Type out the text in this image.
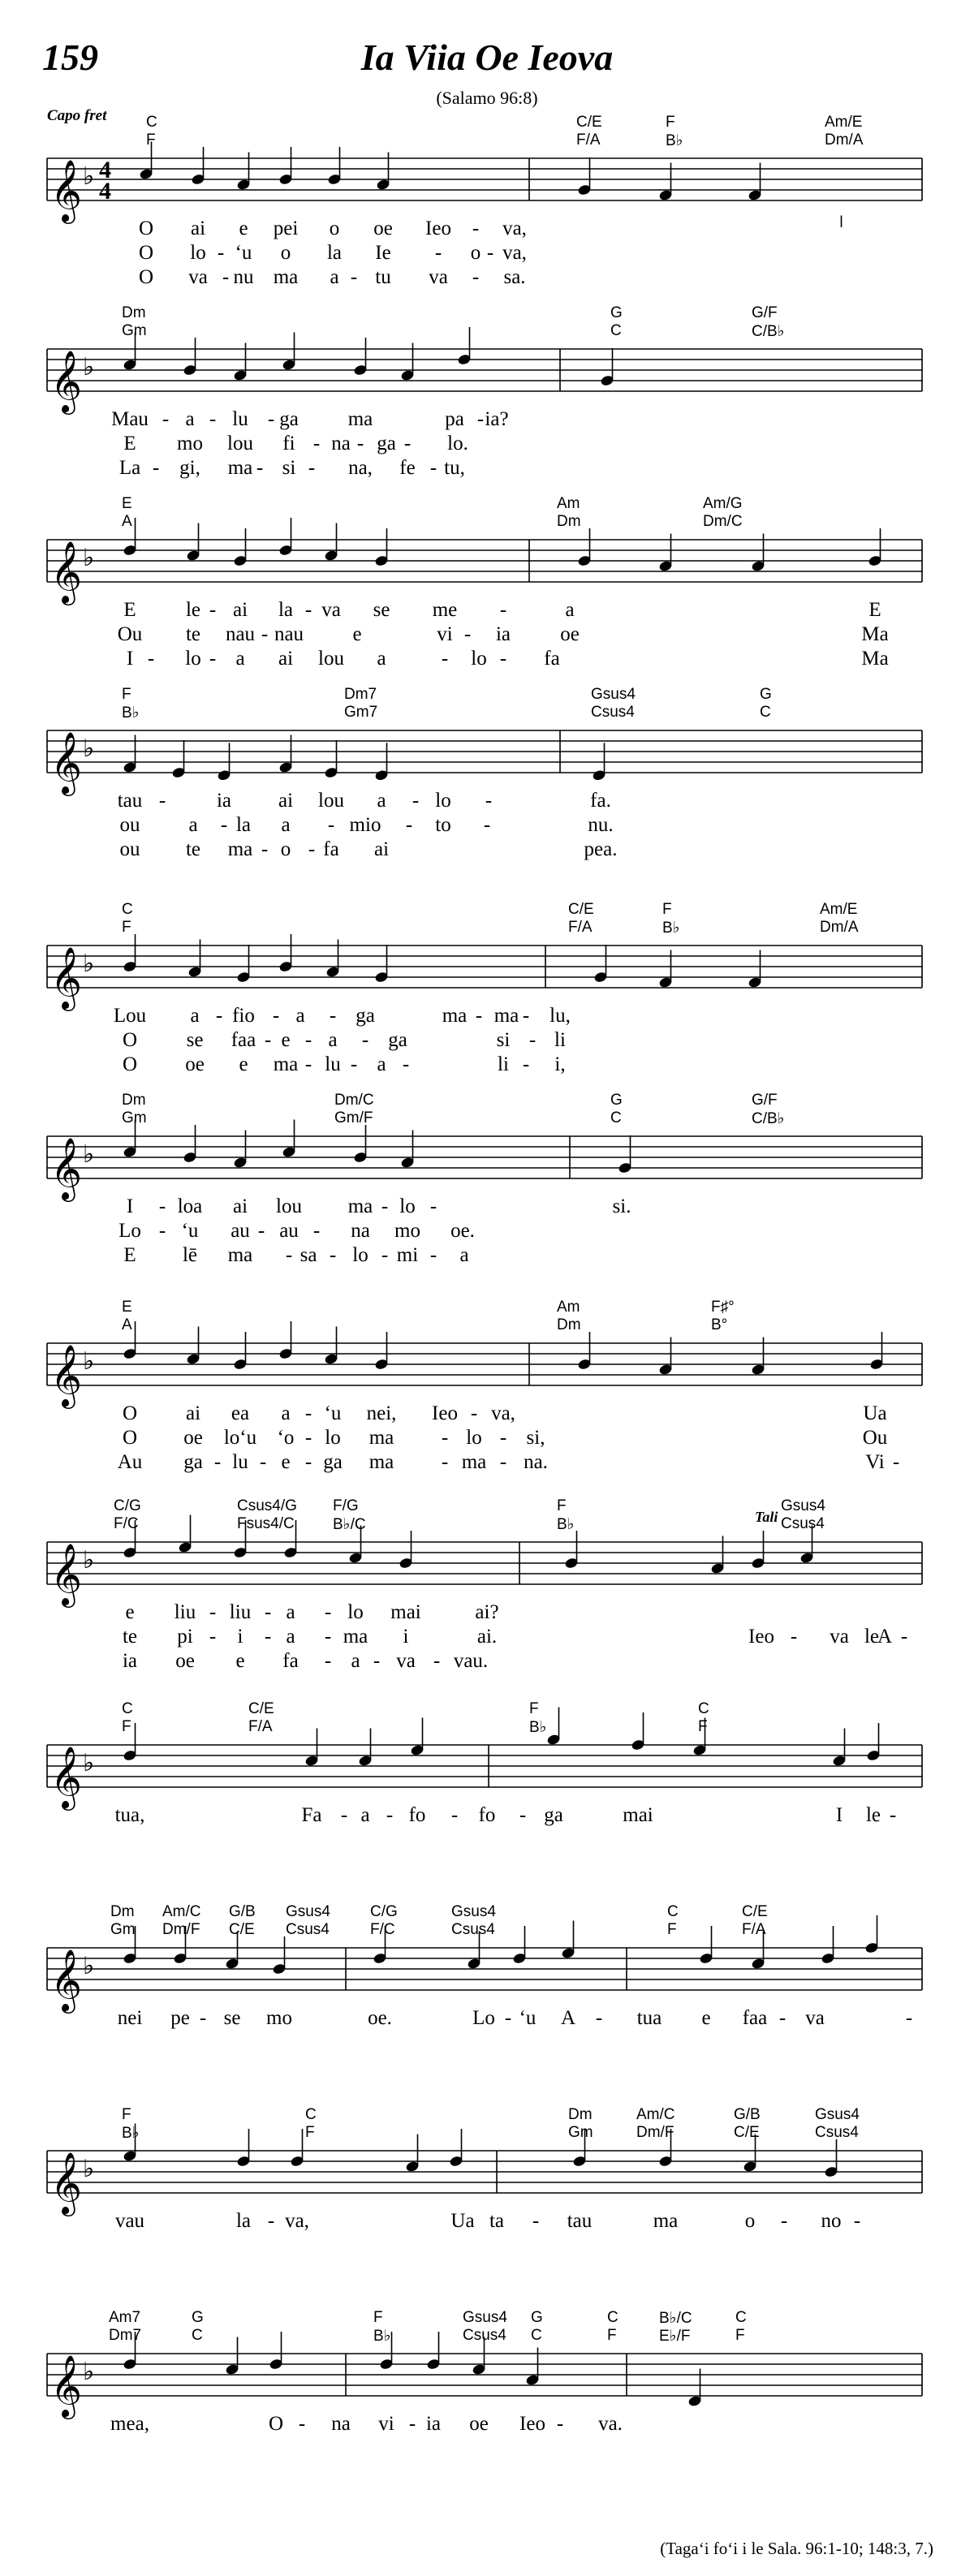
159	Ia Viia Oe Ieova
(Salamo 96:8)
Capo fret
𝄞 ♭ 4
4
C	C/E	F	Am/E
F	F/A	B♭	Dm/A
O ai e pei o oe Ieo - va,
O lo - ‘u o la Ie - o - va,
O va - nu ma a - tu va - sa.
𝄞 ♭
Dm	G	G/F
Gm	C	C/B♭
Mau - a - lu - ga ma	pa - ia?
E mo lou fi - na - ga - lo.
La - gi, ma - si - na, fe - tu,
𝄞 ♭
E	Am	Am/G
A	Dm	Dm/C
E le - ai la - va se me -	a	E
Ou te nau - nau e	vi - ia oe	Ma
I - lo - a ai lou a	- lo - fa	Ma
𝄞 ♭
F	Dm7	Gsus4	G
B♭	Gm7	Csus4	C
tau -	ia ai lou a - lo -	fa.
ou a - la a - mio - to -	nu.
ou te ma - o - fa ai	pea.
𝄞 ♭
C	C/E	F	Am/E
F	F/A	B♭	Dm/A
Lou a - fio - a - ga	ma - ma - lu,
O se faa - e - a - ga	si - li
O oe e ma - lu - a -	li - i,
𝄞 ♭
Dm	Dm/C	G	G/F
Gm	Gm/F	C	C/B♭
I - loa ai lou ma - lo -	si.
Lo - ‘u au - au - na mo oe.
E lē ma - sa - lo - mi - a
𝄞 ♭
E	Am	F♯°
A	Dm	B°
O ai ea a - ‘u nei, Ieo - va,	Ua
O oe lo‘u ‘o - lo ma - lo - si,	Ou
Au ga - lu - e - ga ma - ma - na.	Vi -
𝄞 ♭
C/G	Csus4/G F/G	F	Gsus4
F/C	Fsus4/C B♭/C	B♭	Csus4
Tali
e liu - liu - a - lo mai	ai?
te pi - i - a - ma i	ai.	Ieo - va le
A -
ia oe e fa - a - va - vau.
𝄞 ♭
C	C/E	F	C
F	F/A	B♭	F
tua,	Fa - a - fo - fo - ga	mai	I le -
𝄞 ♭
Dm Am/C G/B Gsus4	C/G	Gsus4	C	C/E
Gm Dm/F C/E Csus4	F/C	Csus4	F	F/A
nei pe - se mo	oe.	Lo - ‘u A - tua e faa - va	-
𝄞 ♭
F	C	Dm	Am/C	G/B	Gsus4
B♭	F	Gm	Dm/F	C/E	Csus4
vau	la - va,	Ua ta - tau	ma	o - no -
𝄞 ♭
Am7	G	F	Gsus4 G	C	B♭/C	C
Dm7	C	B♭	Csus4 C	F	E♭/F	F
mea,	O - na vi - ia oe Ieo - va.
(Taga‘i fo‘i i le Sala. 96:1-10; 148:3, 7.)
